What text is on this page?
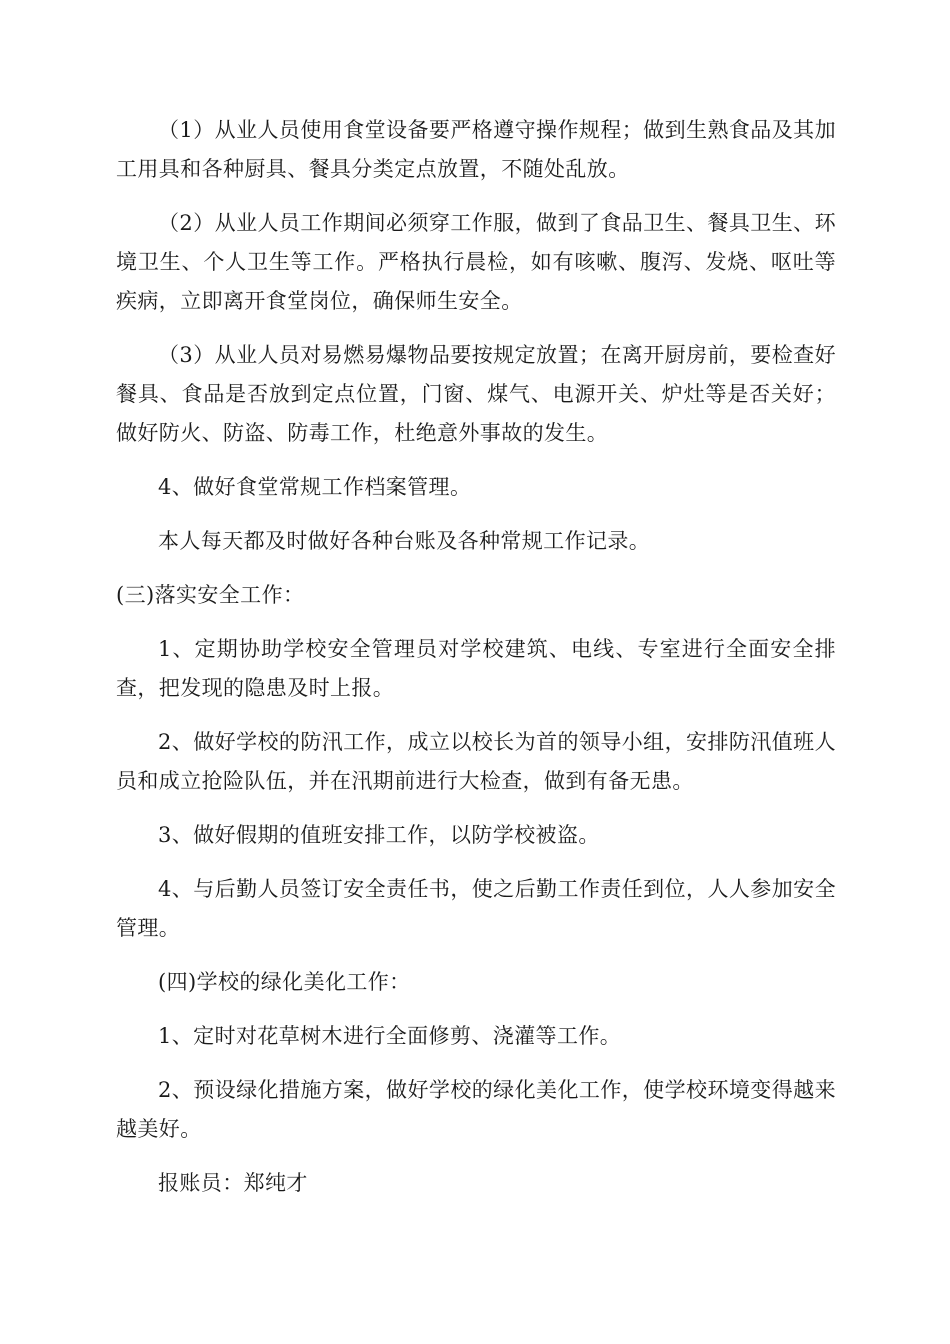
（1）从业人员使用食堂设备要严格遵守操作规程；做到生熟食品及其加工用具和各种厨具、餐具分类定点放置，不随处乱放。

（2）从业人员工作期间必须穿工作服，做到了食品卫生、餐具卫生、环境卫生、个人卫生等工作。严格执行晨检，如有咳嗽、腹泻、发烧、呕吐等疾病，立即离开食堂岗位，确保师生安全。

（3）从业人员对易燃易爆物品要按规定放置；在离开厨房前，要检查好餐具、食品是否放到定点位置，门窗、煤气、电源开关、炉灶等是否关好；做好防火、防盗、防毒工作，杜绝意外事故的发生。

4、做好食堂常规工作档案管理。

本人每天都及时做好各种台账及各种常规工作记录。

(三)落实安全工作：

1、定期协助学校安全管理员对学校建筑、电线、专室进行全面安全排查，把发现的隐患及时上报。

2、做好学校的防汛工作，成立以校长为首的领导小组，安排防汛值班人员和成立抢险队伍，并在汛期前进行大检查，做到有备无患。

3、做好假期的值班安排工作，以防学校被盗。

4、与后勤人员签订安全责任书，使之后勤工作责任到位，人人参加安全管理。

(四)学校的绿化美化工作：

1、定时对花草树木进行全面修剪、浇灌等工作。

2、预设绿化措施方案，做好学校的绿化美化工作，使学校环境变得越来越美好。

报账员：郑纯才
